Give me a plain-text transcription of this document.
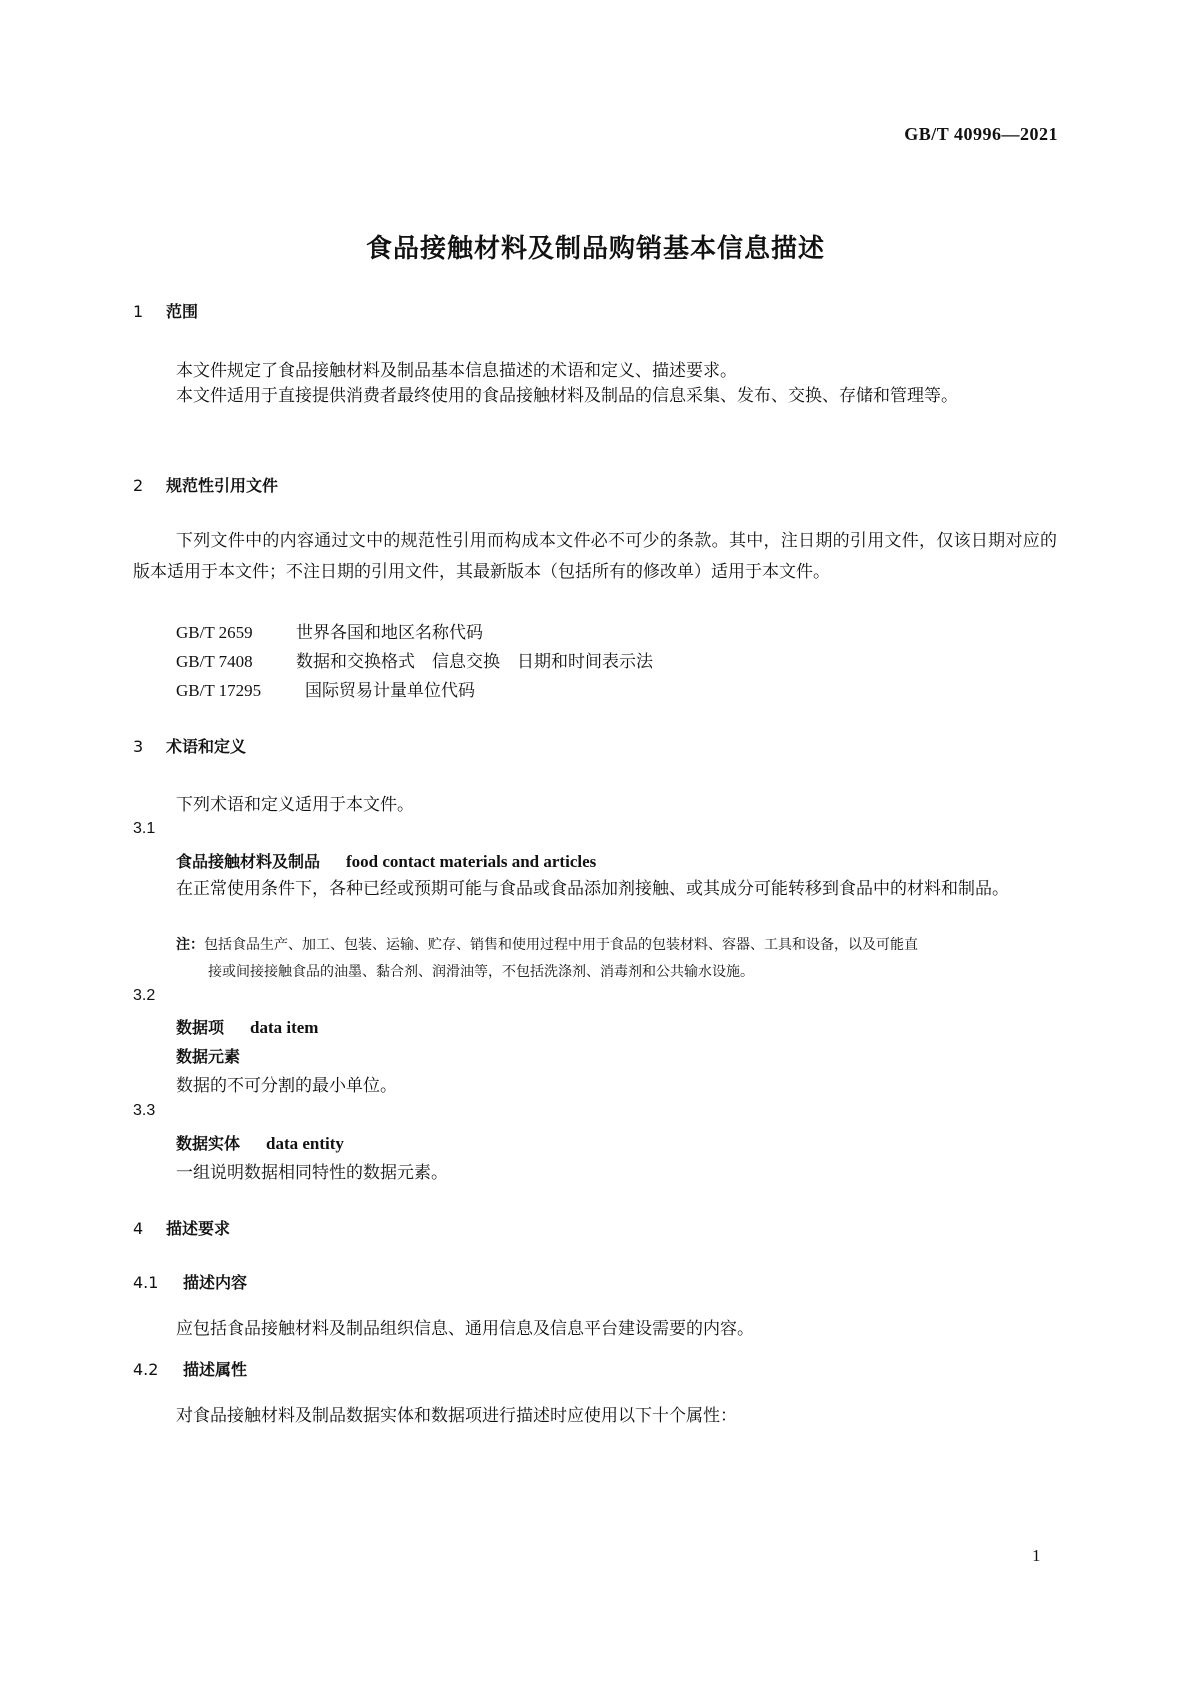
GB/T 40996—2021
食品接触材料及制品购销基本信息描述
1 范围
本文件规定了食品接触材料及制品基本信息描述的术语和定义、描述要求。
本文件适用于直接提供消费者最终使用的食品接触材料及制品的信息采集、发布、交换、存储和管理等。
2 规范性引用文件
下列文件中的内容通过文中的规范性引用而构成本文件必不可少的条款。其中，注日期的引用文件，仅该日期对应的版本适用于本文件；不注日期的引用文件，其最新版本（包括所有的修改单）适用于本文件。
GB/T 2659	世界各国和地区名称代码
GB/T 7408	数据和交换格式　信息交换　日期和时间表示法
GB/T 17295	国际贸易计量单位代码
3 术语和定义
下列术语和定义适用于本文件。
3.1
食品接触材料及制品 food contact materials and articles
在正常使用条件下，各种已经或预期可能与食品或食品添加剂接触、或其成分可能转移到食品中的材料和制品。
注：包括食品生产、加工、包装、运输、贮存、销售和使用过程中用于食品的包装材料、容器、工具和设备，以及可能直
接或间接接触食品的油墨、黏合剂、润滑油等，不包括洗涤剂、消毒剂和公共输水设施。
3.2
数据项 data item
数据元素
数据的不可分割的最小单位。
3.3
数据实体 data entity
一组说明数据相同特性的数据元素。
4 描述要求
4.1 描述内容
应包括食品接触材料及制品组织信息、通用信息及信息平台建设需要的内容。
4.2 描述属性
对食品接触材料及制品数据实体和数据项进行描述时应使用以下十个属性：
1
